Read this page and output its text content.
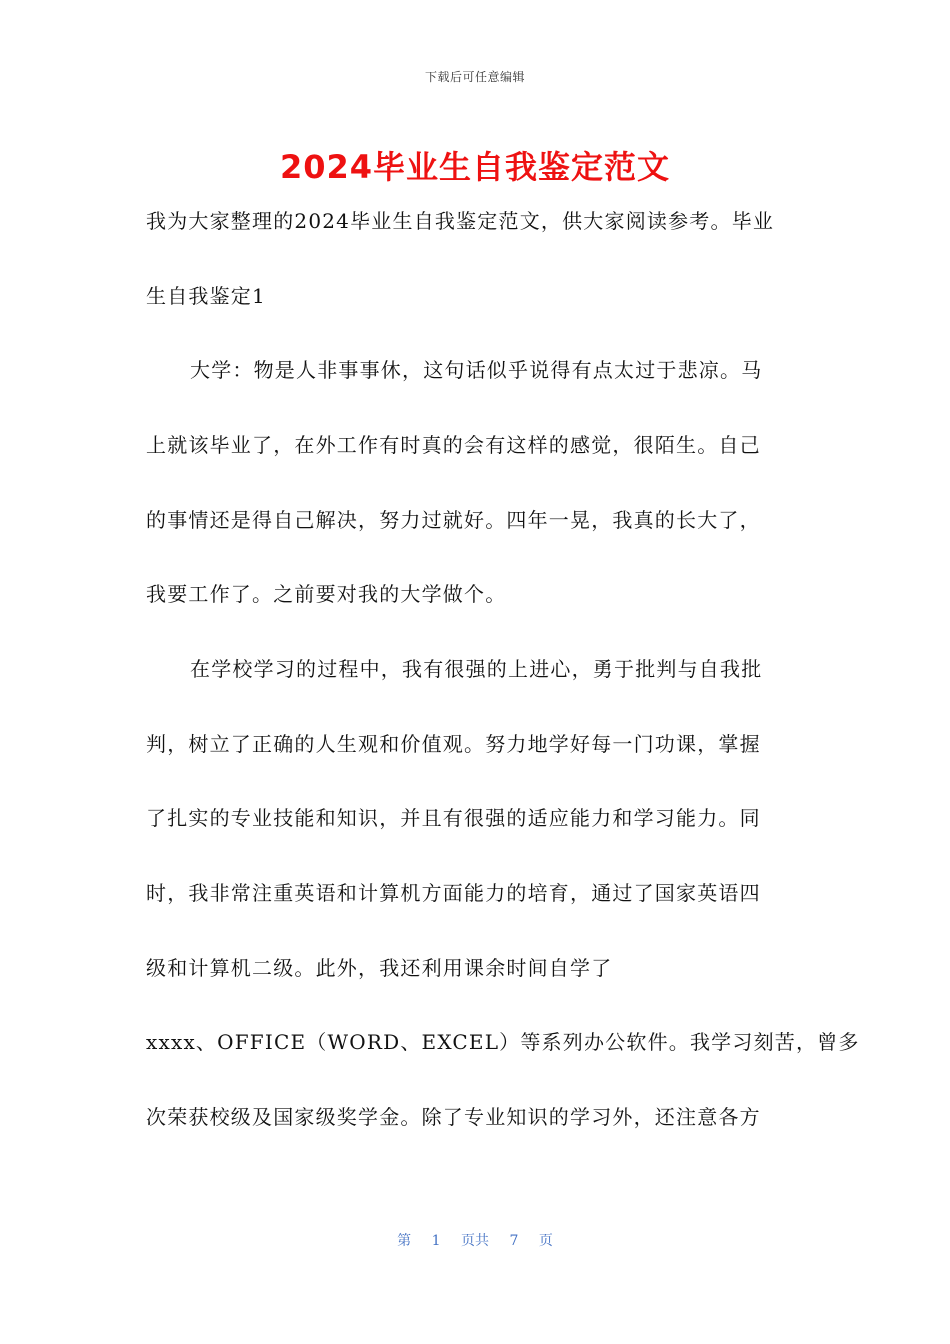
下载后可任意编辑
2024毕业生自我鉴定范文
我为大家整理的2024毕业生自我鉴定范文，供大家阅读参考。毕业
生自我鉴定1
大学：物是人非事事休，这句话似乎说得有点太过于悲凉。马
上就该毕业了，在外工作有时真的会有这样的感觉，很陌生。自己
的事情还是得自己解决，努力过就好。四年一晃，我真的长大了，
我要工作了。之前要对我的大学做个。
在学校学习的过程中，我有很强的上进心，勇于批判与自我批
判，树立了正确的人生观和价值观。努力地学好每一门功课，掌握
了扎实的专业技能和知识，并且有很强的适应能力和学习能力。同
时，我非常注重英语和计算机方面能力的培育，通过了国家英语四
级和计算机二级。此外，我还利用课余时间自学了
xxxx、OFFICE（WORD、EXCEL）等系列办公软件。我学习刻苦，曾多
次荣获校级及国家级奖学金。除了专业知识的学习外，还注意各方
第 1 页共 7 页
